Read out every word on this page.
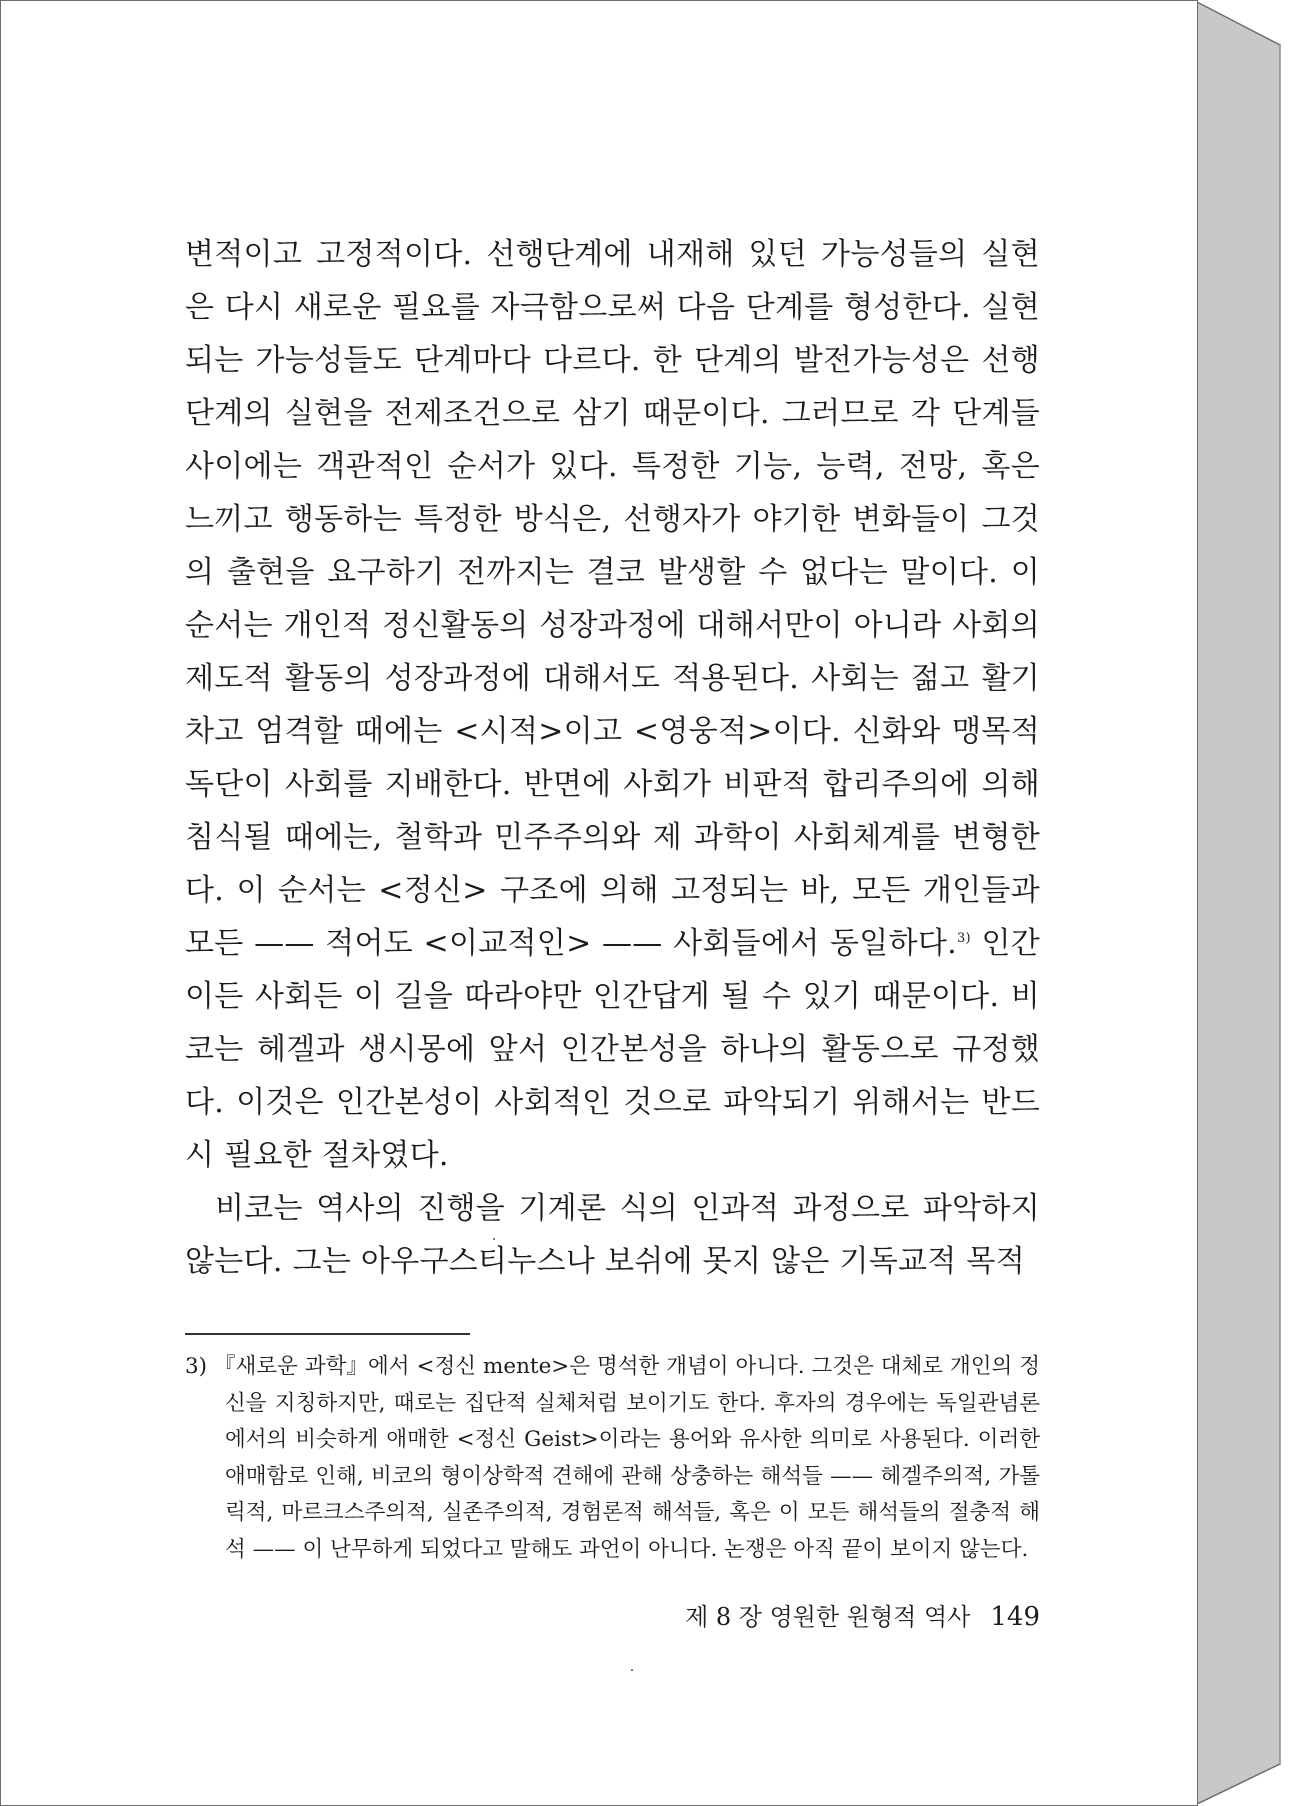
변적이고 고정적이다. 선행단계에 내재해 있던 가능성들의 실현은 다시 새로운 필요를 자극함으로써 다음 단계를 형성한다. 실현되는 가능성들도 단계마다 다르다. 한 단계의 발전가능성은 선행단계의 실현을 전제조건으로 삼기 때문이다. 그러므로 각 단계들 사이에는 객관적인 순서가 있다. 특정한 기능, 능력, 전망, 혹은 느끼고 행동하는 특정한 방식은, 선행자가 야기한 변화들이 그것의 출현을 요구하기 전까지는 결코 발생할 수 없다는 말이다. 이 순서는 개인적 정신활동의 성장과정에 대해서만이 아니라 사회의 제도적 활동의 성장과정에 대해서도 적용된다. 사회는 젊고 활기차고 엄격할 때에는 <시적>이고 <영웅적>이다. 신화와 맹목적 독단이 사회를 지배한다. 반면에 사회가 비판적 합리주의에 의해 침식될 때에는, 철학과 민주주의와 제 과학이 사회체계를 변형한다. 이 순서는 <정신> 구조에 의해 고정되는 바, 모든 개인들과 모든 —— 적어도 <이교적인> —— 사회들에서 동일하다.$^{3)}$ 인간이든 사회든 이 길을 따라야만 인간답게 될 수 있기 때문이다. 비코는 헤겔과 생시몽에 앞서 인간본성을 하나의 활동으로 규정했다. 이것은 인간본성이 사회적인 것으로 파악되기 위해서는 반드시 필요한 절차였다.

비코는 역사의 진행을 기계론 식의 인과적 과정으로 파악하지 않는다. 그는 아우구스티누스나 보쉬에 못지 않은 기독교적 목적

3) 『새로운 과학』에서 <정신 mente>은 명석한 개념이 아니다. 그것은 대체로 개인의 정신을 지칭하지만, 때로는 집단적 실체처럼 보이기도 한다. 후자의 경우에는 독일관념론에서의 비슷하게 애매한 <정신 Geist>이라는 용어와 유사한 의미로 사용된다. 이러한 애매함로 인해, 비코의 형이상학적 견해에 관해 상충하는 해석들 —— 헤겔주의적, 가톨릭적, 마르크스주의적, 실존주의적, 경험론적 해석들, 혹은 이 모든 해석들의 절충적 해석 —— 이 난무하게 되었다고 말해도 과언이 아니다. 논쟁은 아직 끝이 보이지 않는다.

제 8 장 영원한 원형적 역사 149
